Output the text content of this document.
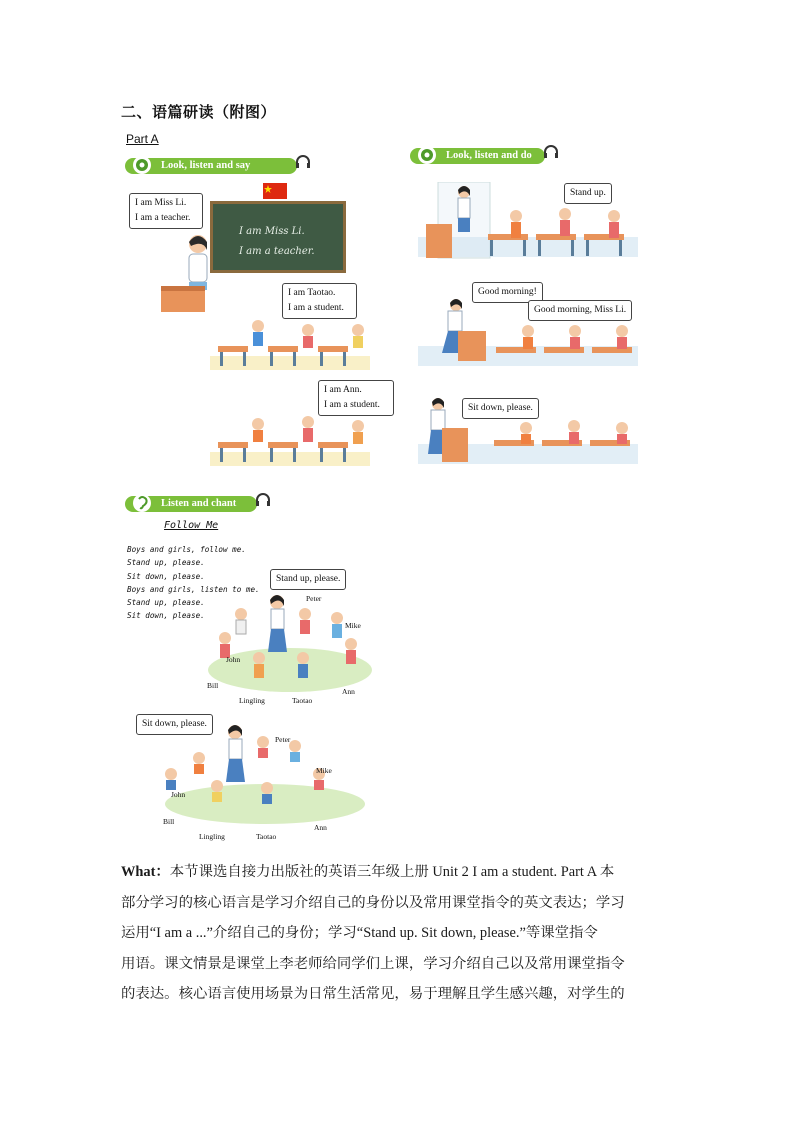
二、语篇研读（附图）
Part A
Look, listen and say
I am Miss Li.
I am a teacher.
I am Miss Li.
I am a teacher.
I am Taotao.
I am a student.
I am Ann.
I am a student.
Look, listen and do
Stand up.
Good morning!
Good morning, Miss Li.
Sit down, please.
Listen and chant
Follow Me
Boys and girls, follow me.
Stand up, please.
Sit down, please.
Boys and girls, listen to me.
Stand up, please.
Sit down, please.
Stand up, please.
Peter
Mike
John
Bill
Lingling	Taotao
Ann
Sit down, please.
Peter
Mike
John
Bill
Lingling	Taotao
Ann
What：本节课选自接力出版社的英语三年级上册 Unit 2 I am a student. Part A 本
部分学习的核心语言是学习介绍自己的身份以及常用课堂指令的英文表达；学习
运用“I am a ...”介绍自己的身份；学习“Stand up. Sit down, please.”等课堂指令
用语。课文情景是课堂上李老师给同学们上课，学习介绍自己以及常用课堂指令
的表达。核心语言使用场景为日常生活常见，易于理解且学生感兴趣，对学生的
